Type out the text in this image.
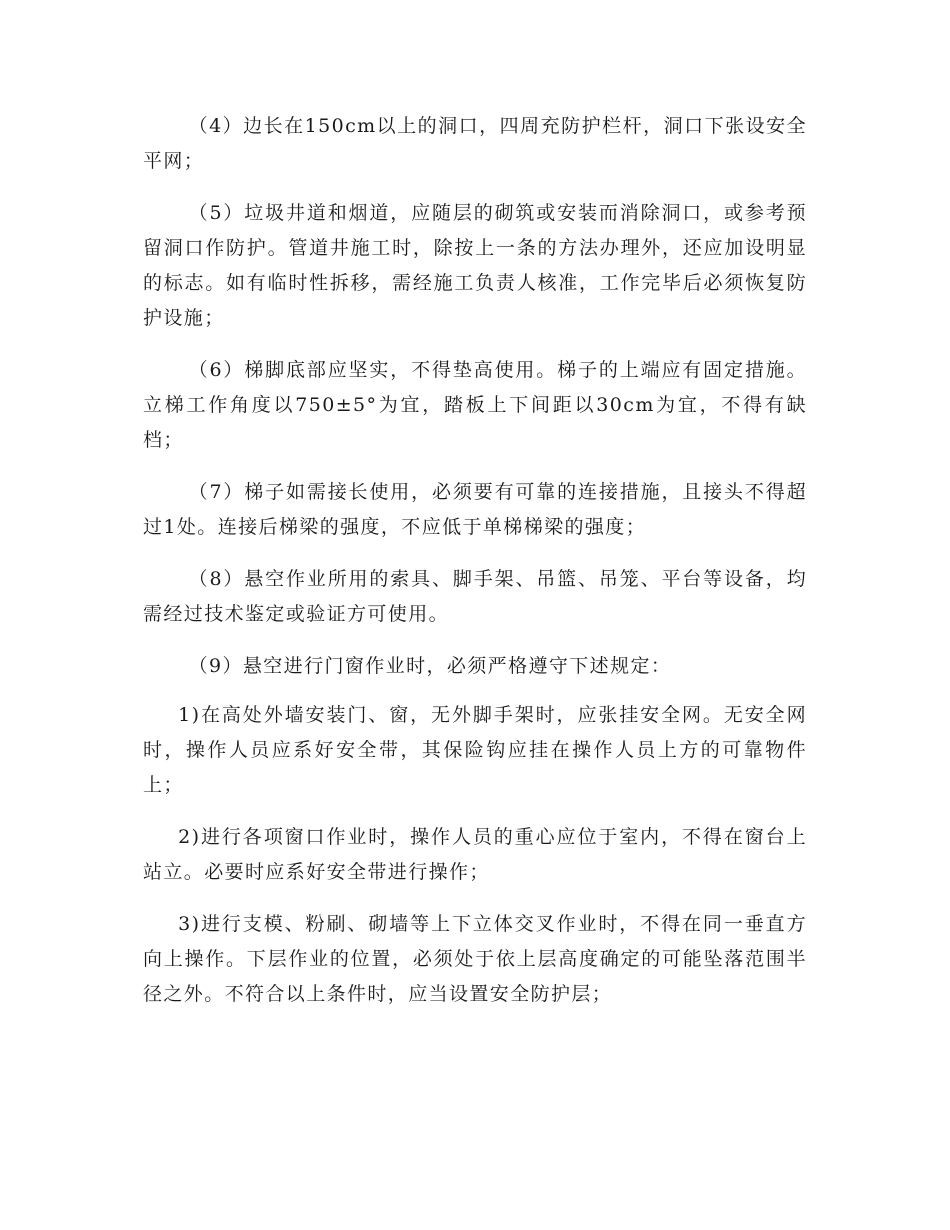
（4）边长在150cm以上的洞口，四周充防护栏杆，洞口下张设安全平网；

（5）垃圾井道和烟道，应随层的砌筑或安装而消除洞口，或参考预留洞口作防护。管道井施工时，除按上一条的方法办理外，还应加设明显的标志。如有临时性拆移，需经施工负责人核准，工作完毕后必须恢复防护设施；

（6）梯脚底部应坚实，不得垫高使用。梯子的上端应有固定措施。立梯工作角度以750±5°为宜，踏板上下间距以30cm为宜，不得有缺档；

（7）梯子如需接长使用，必须要有可靠的连接措施，且接头不得超过1处。连接后梯梁的强度，不应低于单梯梯梁的强度；

（8）悬空作业所用的索具、脚手架、吊篮、吊笼、平台等设备，均需经过技术鉴定或验证方可使用。

（9）悬空进行门窗作业时，必须严格遵守下述规定：

1)在高处外墙安装门、窗，无外脚手架时，应张挂安全网。无安全网时，操作人员应系好安全带，其保险钩应挂在操作人员上方的可靠物件上；

2)进行各项窗口作业时，操作人员的重心应位于室内，不得在窗台上站立。必要时应系好安全带进行操作；

3)进行支模、粉刷、砌墙等上下立体交叉作业时，不得在同一垂直方向上操作。下层作业的位置，必须处于依上层高度确定的可能坠落范围半径之外。不符合以上条件时，应当设置安全防护层；
